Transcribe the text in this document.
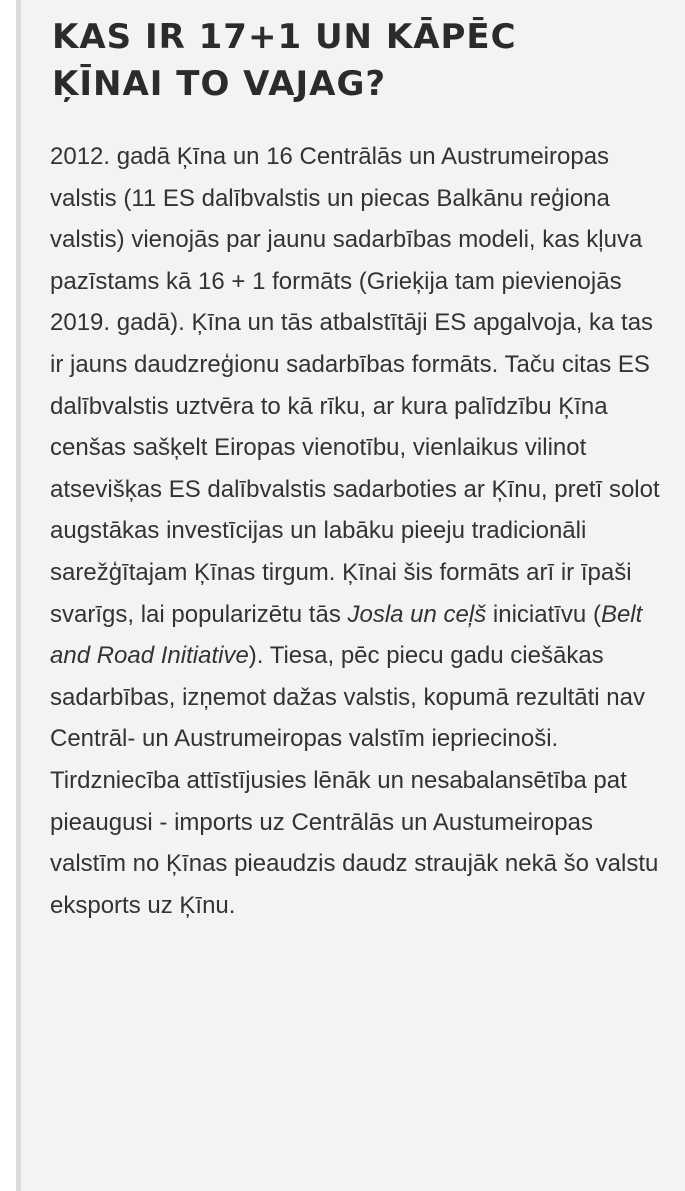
KAS IR 17+1 UN KĀPĒC
ĶĪNAI TO VAJAG?

2012. gadā Ķīna un 16 Centrālās un Austrumeiropas valstis (11 ES dalībvalstis un piecas Balkānu reģiona valstis) vienojās par jaunu sadarbības modeli, kas kļuva pazīstams kā 16 + 1 formāts (Grieķija tam pievienojās 2019. gadā). Ķīna un tās atbalstītāji ES apgalvoja, ka tas ir jauns daudzreģionu sadarbības formāts. Taču citas ES dalībvalstis uztvēra to kā rīku, ar kura palīdzību Ķīna cenšas sašķelt Eiropas vienotību, vienlaikus vilinot atsevišķas ES dalībvalstis sadarboties ar Ķīnu, pretī solot augstākas investīcijas un labāku pieeju tradicionāli sarežģītajam Ķīnas tirgum. Ķīnai šis formāts arī ir īpaši svarīgs, lai popularizētu tās Josla un ceļš iniciatīvu (Belt and Road Initiative). Tiesa, pēc piecu gadu ciešākas sadarbības, izņemot dažas valstis, kopumā rezultāti nav Centrāl- un Austrumeiropas valstīm iepriecinoši. Tirdzniecība attīstījusies lēnāk un nesabalansētība pat pieaugusi - imports uz Centrālās un Austumeiropas valstīm no Ķīnas pieaudzis daudz straujāk nekā šo valstu eksports uz Ķīnu.
